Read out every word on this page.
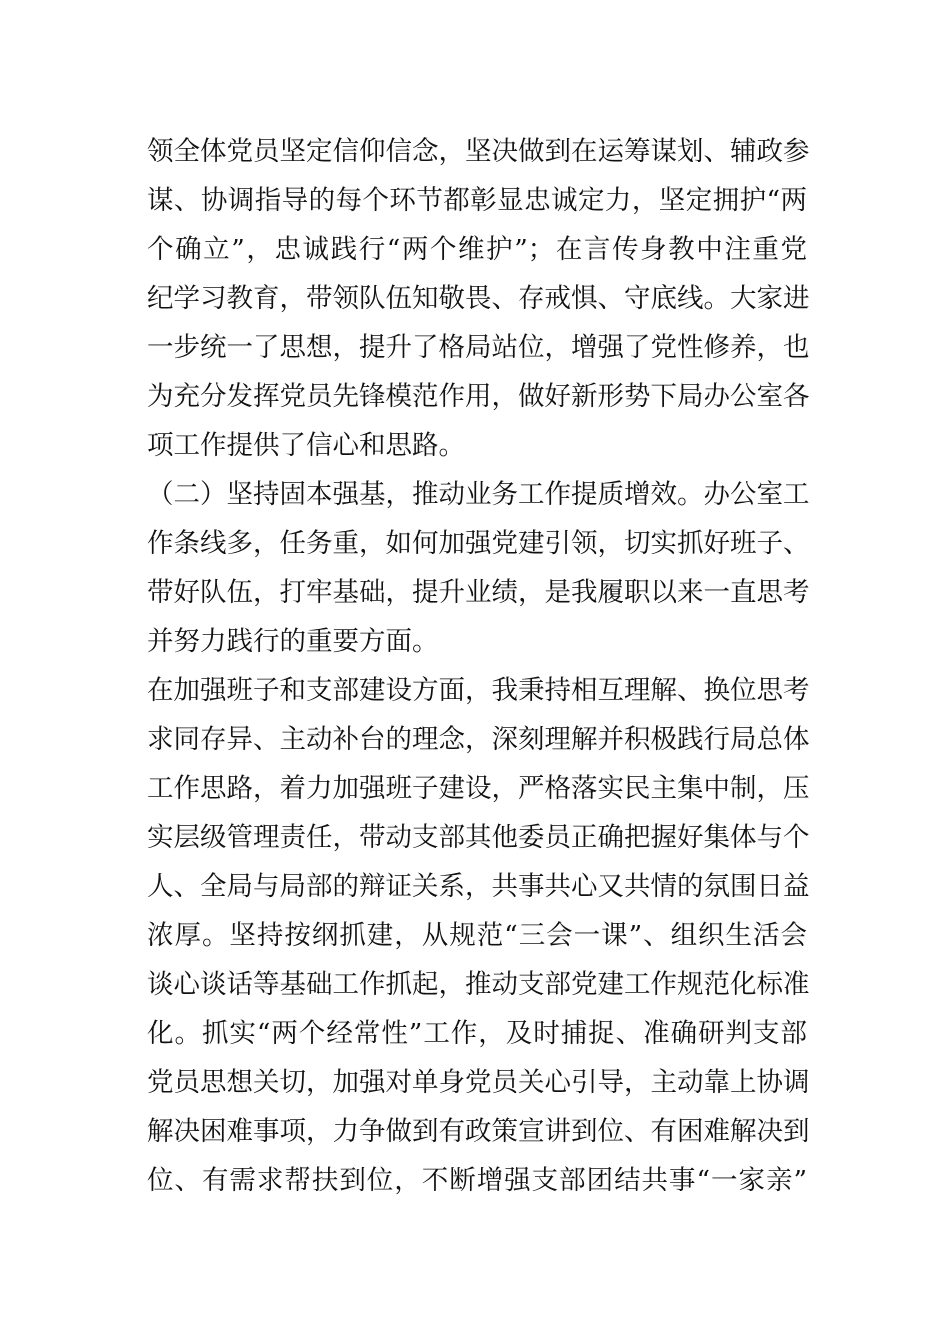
领全体党员坚定信仰信念，坚决做到在运筹谋划、辅政参
谋、协调指导的每个环节都彰显忠诚定力，坚定拥护“两
个确立”，忠诚践行“两个维护”；在言传身教中注重党
纪学习教育，带领队伍知敬畏、存戒惧、守底线。大家进
一步统一了思想，提升了格局站位，增强了党性修养，也
为充分发挥党员先锋模范作用，做好新形势下局办公室各
项工作提供了信心和思路。
（二）坚持固本强基，推动业务工作提质增效。办公室工
作条线多，任务重，如何加强党建引领，切实抓好班子、
带好队伍，打牢基础，提升业绩，是我履职以来一直思考
并努力践行的重要方面。
在加强班子和支部建设方面，我秉持相互理解、换位思考
求同存异、主动补台的理念，深刻理解并积极践行局总体
工作思路，着力加强班子建设，严格落实民主集中制，压
实层级管理责任，带动支部其他委员正确把握好集体与个
人、全局与局部的辩证关系，共事共心又共情的氛围日益
浓厚。坚持按纲抓建，从规范“三会一课”、组织生活会
谈心谈话等基础工作抓起，推动支部党建工作规范化标准
化。抓实“两个经常性”工作，及时捕捉、准确研判支部
党员思想关切，加强对单身党员关心引导，主动靠上协调
解决困难事项，力争做到有政策宣讲到位、有困难解决到
位、有需求帮扶到位，不断增强支部团结共事“一家亲”
